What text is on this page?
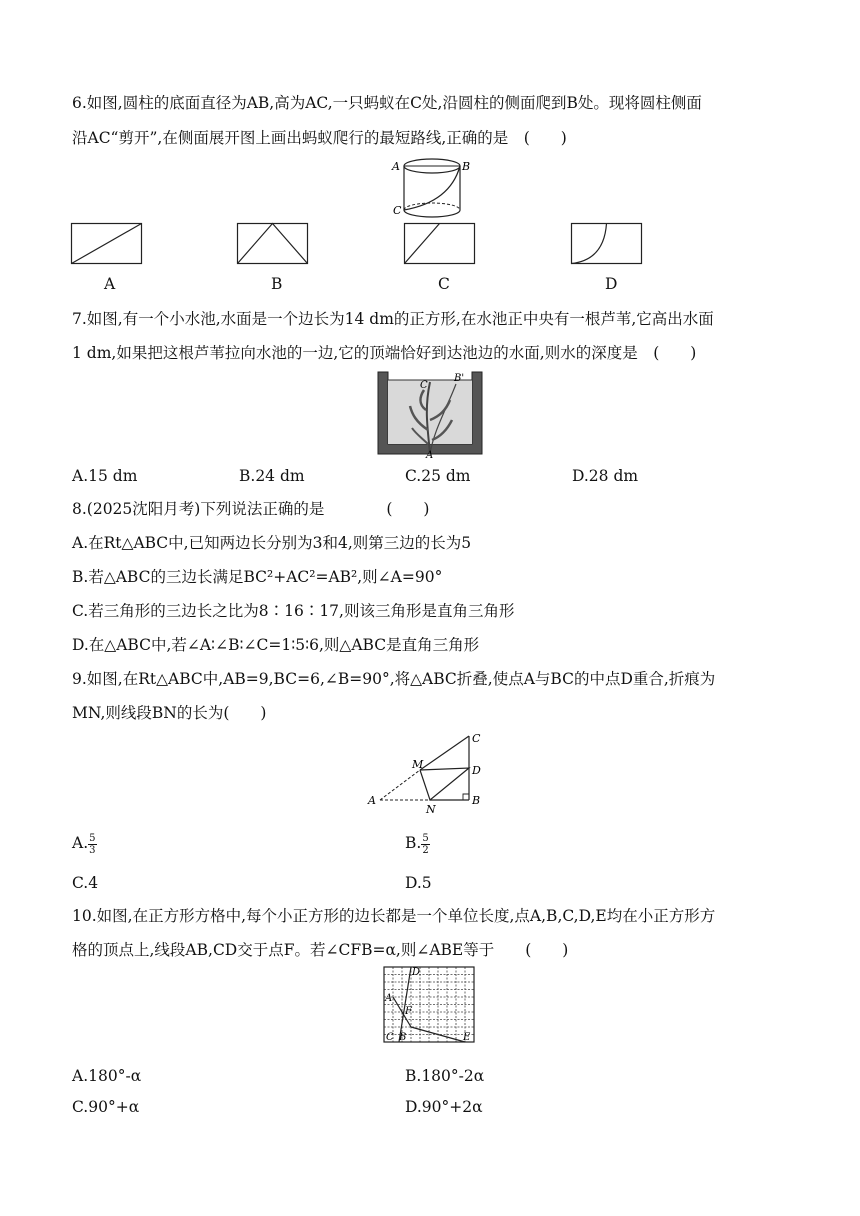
6.如图,圆柱的底面直径为AB,高为AC,一只蚂蚁在C处,沿圆柱的侧面爬到B处。现将圆柱侧面
沿AC“剪开”,在侧面展开图上画出蚂蚁爬行的最短路线,正确的是　(　　)
A	B
C
A	B	C	D
7.如图,有一个小水池,水面是一个边长为14 dm的正方形,在水池正中央有一根芦苇,它高出水面
1 dm,如果把这根芦苇拉向水池的一边,它的顶端恰好到达池边的水面,则水的深度是　(　　)
C
B'
A
A.15 dm	B.24 dm	C.25 dm	D.28 dm
8.(2025沈阳月考)下列说法正确的是　　　　(　　)
A.在Rt△ABC中,已知两边长分别为3和4,则第三边的长为5
B.若△ABC的三边长满足BC²+AC²=AB²,则∠A=90°
C.若三角形的三边长之比为8∶16∶17,则该三角形是直角三角形
D.在△ABC中,若∠A∶∠B∶∠C=1∶5∶6,则△ABC是直角三角形
9.如图,在Rt△ABC中,AB=9,BC=6,∠B=90°,将△ABC折叠,使点A与BC的中点D重合,折痕为
MN,则线段BN的长为(　　)
A	B
C
D
M
N
A. $\frac{5}{3}$	B. $\frac{5}{2}$
C.4	D.5
10.如图,在正方形方格中,每个小正方形的边长都是一个单位长度,点A,B,C,D,E均在小正方形方
格的顶点上,线段AB,CD交于点F。若∠CFB=α,则∠ABE等于　　(　　)
D
A
F
C B	E
A.180°-α	B.180°-2α
C.90°+α	D.90°+2α
